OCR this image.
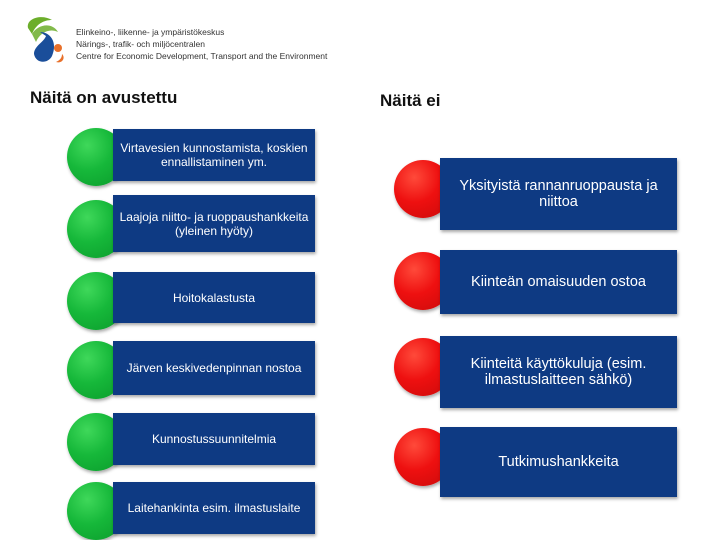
Elinkeino-, liikenne- ja ympäristökeskus
Närings-, trafik- och miljöcentralen
Centre for Economic Development, Transport and the Environment
Näitä on avustettu	Näitä ei
Virtavesien kunnostamista, koskien ennallistaminen ym.
Laajoja niitto- ja ruoppaushankkeita (yleinen hyöty)
Hoitokalastusta
Järven keskivedenpinnan nostoa
Kunnostussuunnitelmia
Laitehankinta esim. ilmastuslaite
Yksityistä rannanruoppausta ja niittoa
Kiinteän omaisuuden ostoa
Kiinteitä käyttökuluja (esim. ilmastuslaitteen sähkö)
Tutkimushankkeita
